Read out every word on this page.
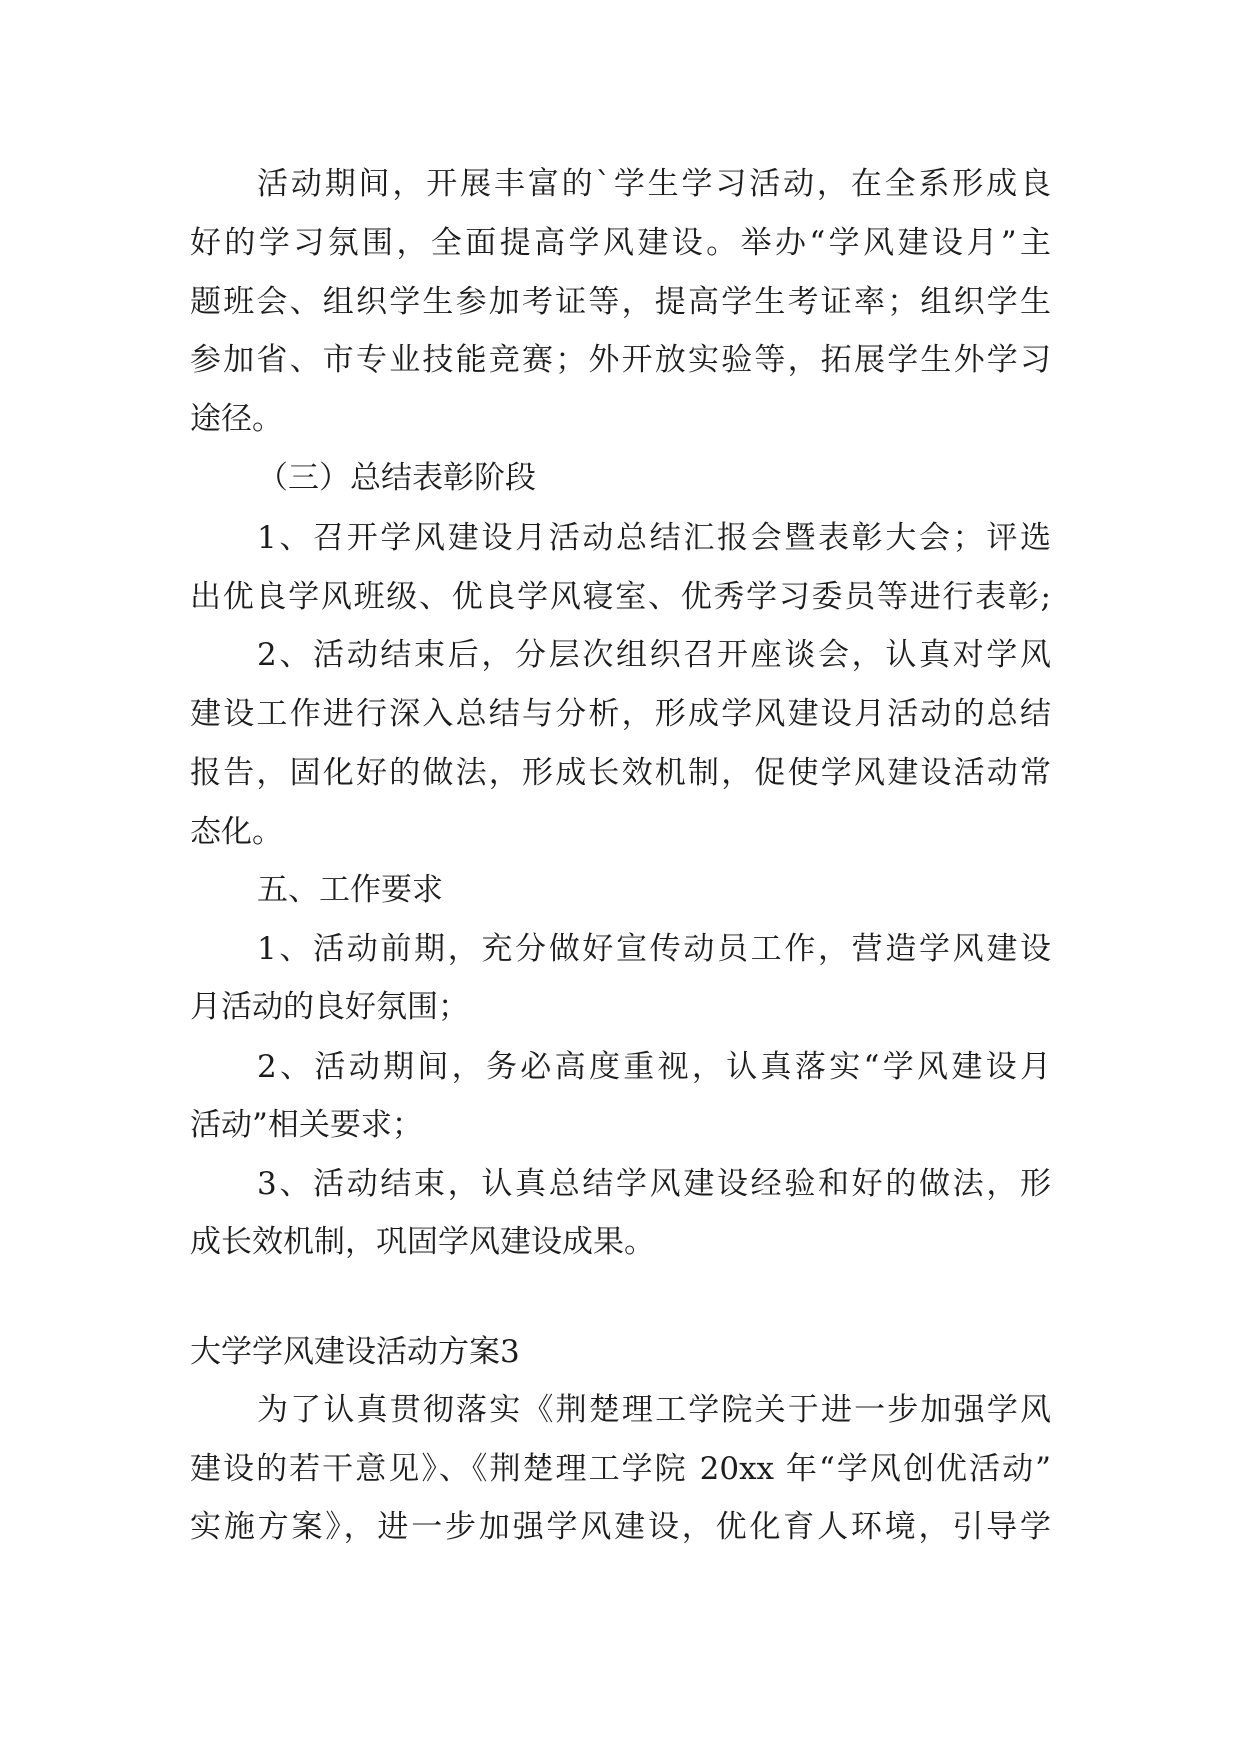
活动期间，开展丰富的`学生学习活动，在全系形成良
好的学习氛围，全面提高学风建设。举办“学风建设月”主
题班会、组织学生参加考证等，提高学生考证率；组织学生
参加省、市专业技能竞赛；外开放实验等，拓展学生外学习
途径。
（三）总结表彰阶段
1、召开学风建设月活动总结汇报会暨表彰大会；评选
出优良学风班级、优良学风寝室、优秀学习委员等进行表彰;
2、活动结束后，分层次组织召开座谈会，认真对学风
建设工作进行深入总结与分析，形成学风建设月活动的总结
报告，固化好的做法，形成长效机制，促使学风建设活动常
态化。
五、工作要求
1、活动前期，充分做好宣传动员工作，营造学风建设
月活动的良好氛围；
2、活动期间，务必高度重视，认真落实“学风建设月
活动”相关要求；
3、活动结束，认真总结学风建设经验和好的做法，形
成长效机制，巩固学风建设成果。
大学学风建设活动方案3
为了认真贯彻落实《荆楚理工学院关于进一步加强学风
建设的若干意见》、《荆楚理工学院 20xx 年“学风创优活动”
实施方案》，进一步加强学风建设，优化育人环境，引导学
